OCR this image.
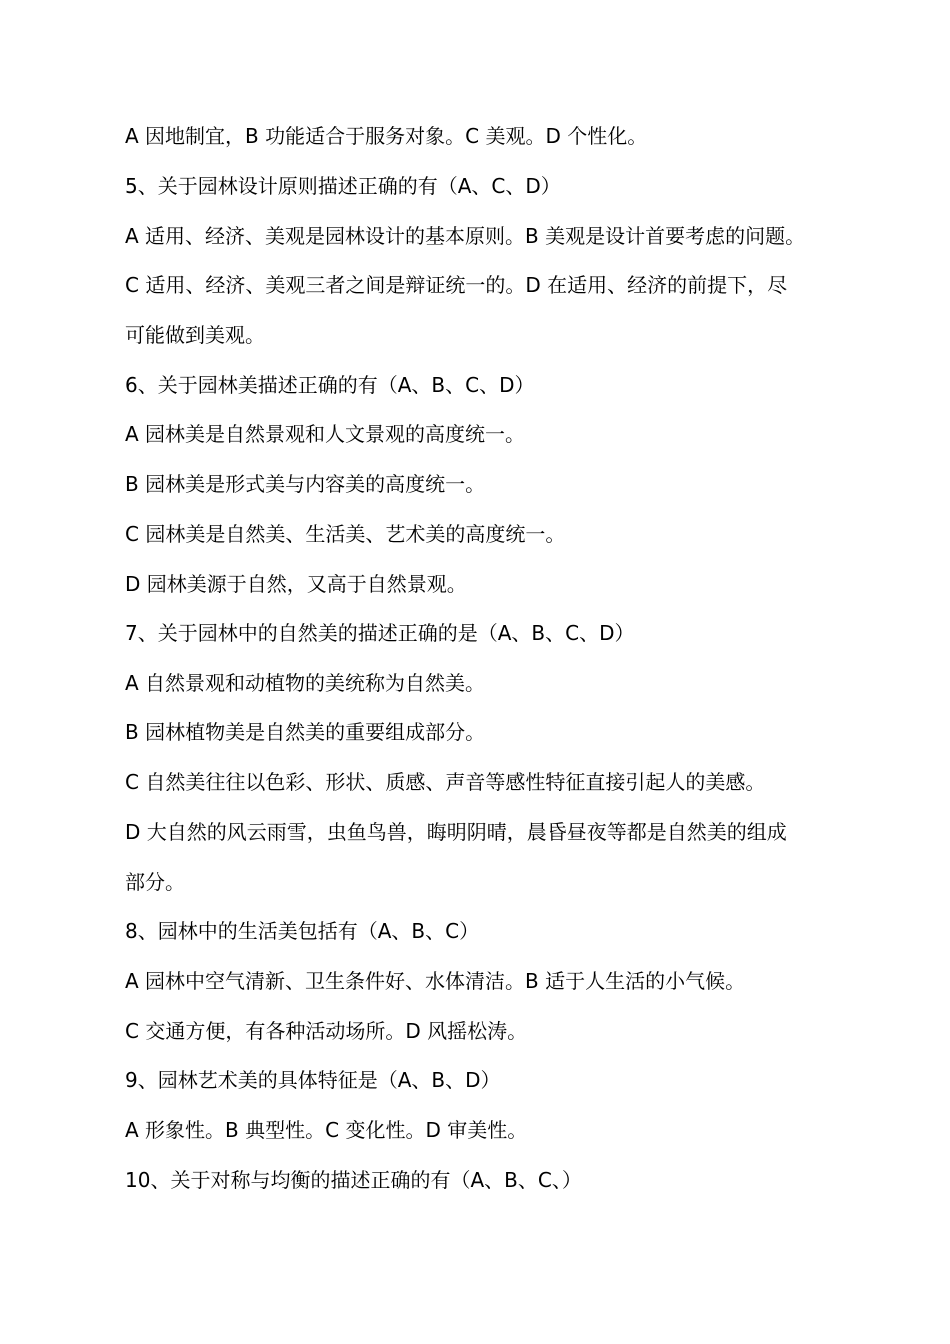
A 因地制宜，B 功能适合于服务对象。C 美观。D 个性化。
5、关于园林设计原则描述正确的有（A、C、D）
A 适用、经济、美观是园林设计的基本原则。B 美观是设计首要考虑的问题。
C 适用、经济、美观三者之间是辩证统一的。D 在适用、经济的前提下，尽
可能做到美观。
6、关于园林美描述正确的有（A、B、C、D）
A 园林美是自然景观和人文景观的高度统一。
B 园林美是形式美与内容美的高度统一。
C 园林美是自然美、生活美、艺术美的高度统一。
D 园林美源于自然，又高于自然景观。
7、关于园林中的自然美的描述正确的是（A、B、C、D）
A 自然景观和动植物的美统称为自然美。
B 园林植物美是自然美的重要组成部分。
C 自然美往往以色彩、形状、质感、声音等感性特征直接引起人的美感。
D 大自然的风云雨雪，虫鱼鸟兽，晦明阴晴，晨昏昼夜等都是自然美的组成
部分。
8、园林中的生活美包括有（A、B、C）
A 园林中空气清新、卫生条件好、水体清洁。B 适于人生活的小气候。
C 交通方便，有各种活动场所。D 风摇松涛。
9、园林艺术美的具体特征是（A、B、D）
A 形象性。B 典型性。C 变化性。D 审美性。
10、关于对称与均衡的描述正确的有（A、B、C、）
